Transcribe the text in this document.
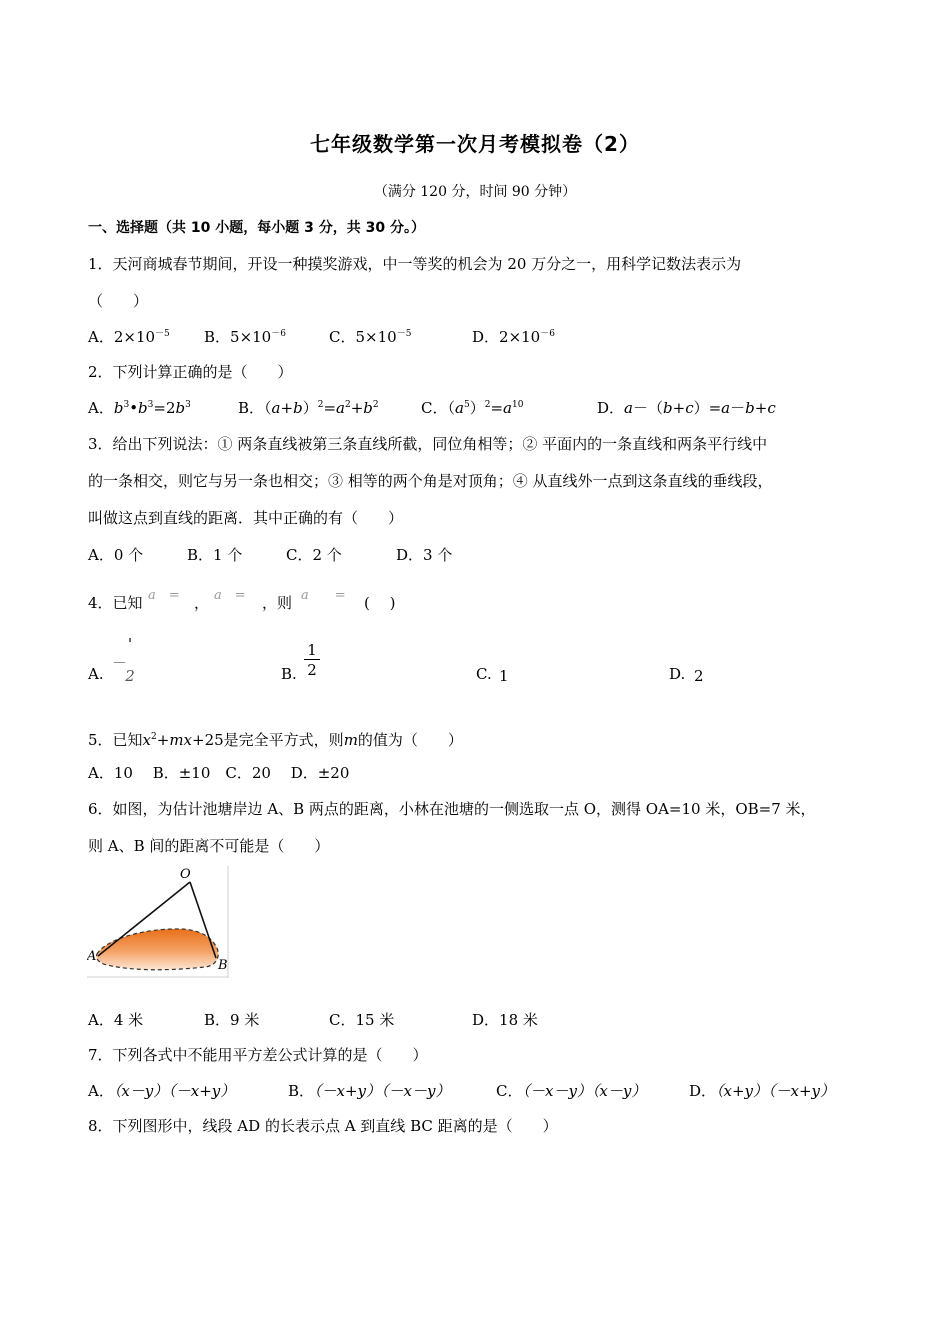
七年级数学第一次月考模拟卷（2）
（满分 120 分，时间 90 分钟）
一、选择题（共 10 小题，每小题 3 分，共 30 分。）
1．天河商城春节期间，开设一种摸奖游戏，中一等奖的机会为 20 万分之一，用科学记数法表示为
（　　）
A．$2\times 10^{-5}$ B．$5\times 10^{-6}$	C．$5\times 10^{-5}$	D．$2\times 10^{-6}$
2．下列计算正确的是（　　）
A．$b^3•b^3=2b^3$	B．$(a+b)^2=a^2+b^2$	C．$(a^5)^2=a^{10}$	D．a－（b+c）=a－b+c
3．给出下列说法：① 两条直线被第三条直线所截，同位角相等；② 平面内的一条直线和两条平行线中
的一条相交，则它与另一条也相交；③ 相等的两个角是对顶角；④ 从直线外一点到这条直线的垂线段，
叫做这点到直线的距离．其中正确的有（　　）
A．0 个	B．1 个	C．2 个	D．3 个
4．已知 a　= ， a　= ，则 a　　= (　 )
A.
－
'
2	B. $\frac{1}{2}$	C. 1	D. 2
5．已知$x^2+mx+25$是完全平方式，则m的值为（　　）
A．10　 B．±10　C．20　 D．±20
6．如图，为估计池塘岸边 A、B 两点的距离，小林在池塘的一侧选取一点 O，测得 OA=10 米，OB=7 米，
则 A、B 间的距离不可能是（　　）
O
A
B
A．4 米	B．9 米	C．15 米	D．18 米
7．下列各式中不能用平方差公式计算的是（　　）
A．（x－y）（－x+y）	B．（－x+y）（－x－y）	C．（－x－y）（x－y）	D．（x+y）（－x+y）
8．下列图形中，线段 AD 的长表示点 A 到直线 BC 距离的是（　　）
